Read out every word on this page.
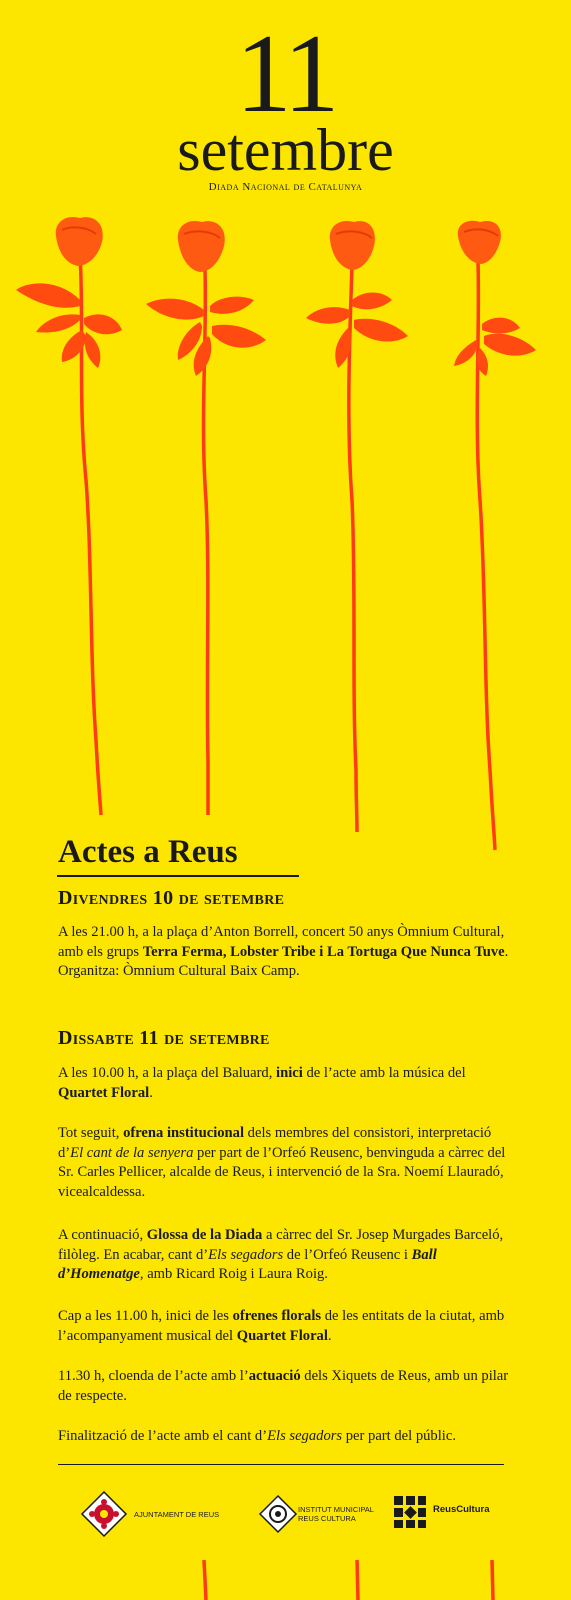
11
setembre
Diada Nacional de Catalunya
Actes a Reus
Divendres 10 de setembre
A les 21.00 h, a la plaça d’Anton Borrell, concert 50 anys Òmnium Cultural, amb els grups Terra Ferma, Lobster Tribe i La Tortuga Que Nunca Tuve. Organitza: Òmnium Cultural Baix Camp.
Dissabte 11 de setembre
A les 10.00 h, a la plaça del Baluard, inici de l’acte amb la música del Quartet Floral.
Tot seguit, ofrena institucional dels membres del consistori, interpretació d’El cant de la senyera per part de l’Orfeó Reusenc, benvinguda a càrrec del Sr. Carles Pellicer, alcalde de Reus, i intervenció de la Sra. Noemí Llauradó, vicealcaldessa.
A continuació, Glossa de la Diada a càrrec del Sr. Josep Murgades Barceló, filòleg. En acabar, cant d’Els segadors de l’Orfeó Reusenc i Ball d’Homenatge, amb Ricard Roig i Laura Roig.
Cap a les 11.00 h, inici de les ofrenes florals de les entitats de la ciutat, amb l’acompanyament musical del Quartet Floral.
11.30 h, cloenda de l’acte amb l’actuació dels Xiquets de Reus, amb un pilar de respecte.
Finalització de l’acte amb el cant d’Els segadors per part del públic.
AJUNTAMENT DE REUS
INSTITUT MUNICIPAL
REUS CULTURA
ReusCultura
